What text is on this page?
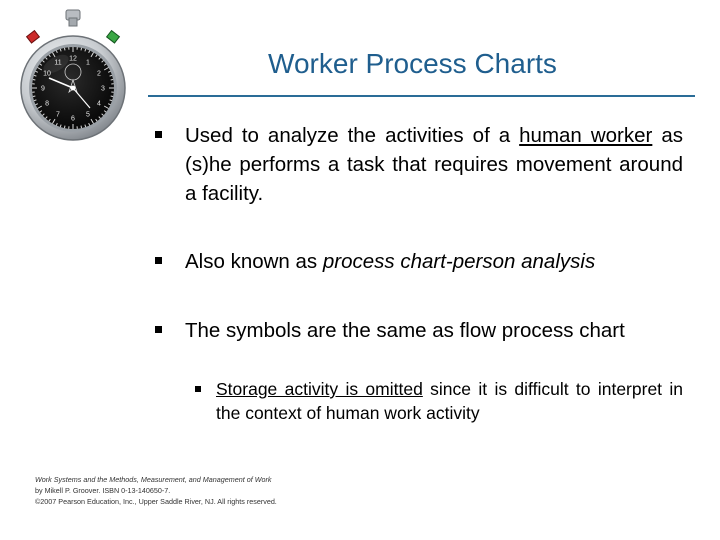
1
2
3
4
5
6
7
8
9
10
11
12	Worker Process Charts
Used to analyze the activities of a human worker as (s)he performs a task that requires movement around a facility.
Also known as process chart-person analysis
The symbols are the same as flow process chart
Storage activity is omitted since it is difficult to interpret in the context of human work activity
Work Systems and the Methods, Measurement, and Management of Work
by Mikell P. Groover. ISBN 0-13-140650-7.
©2007 Pearson Education, Inc., Upper Saddle River, NJ. All rights reserved.
